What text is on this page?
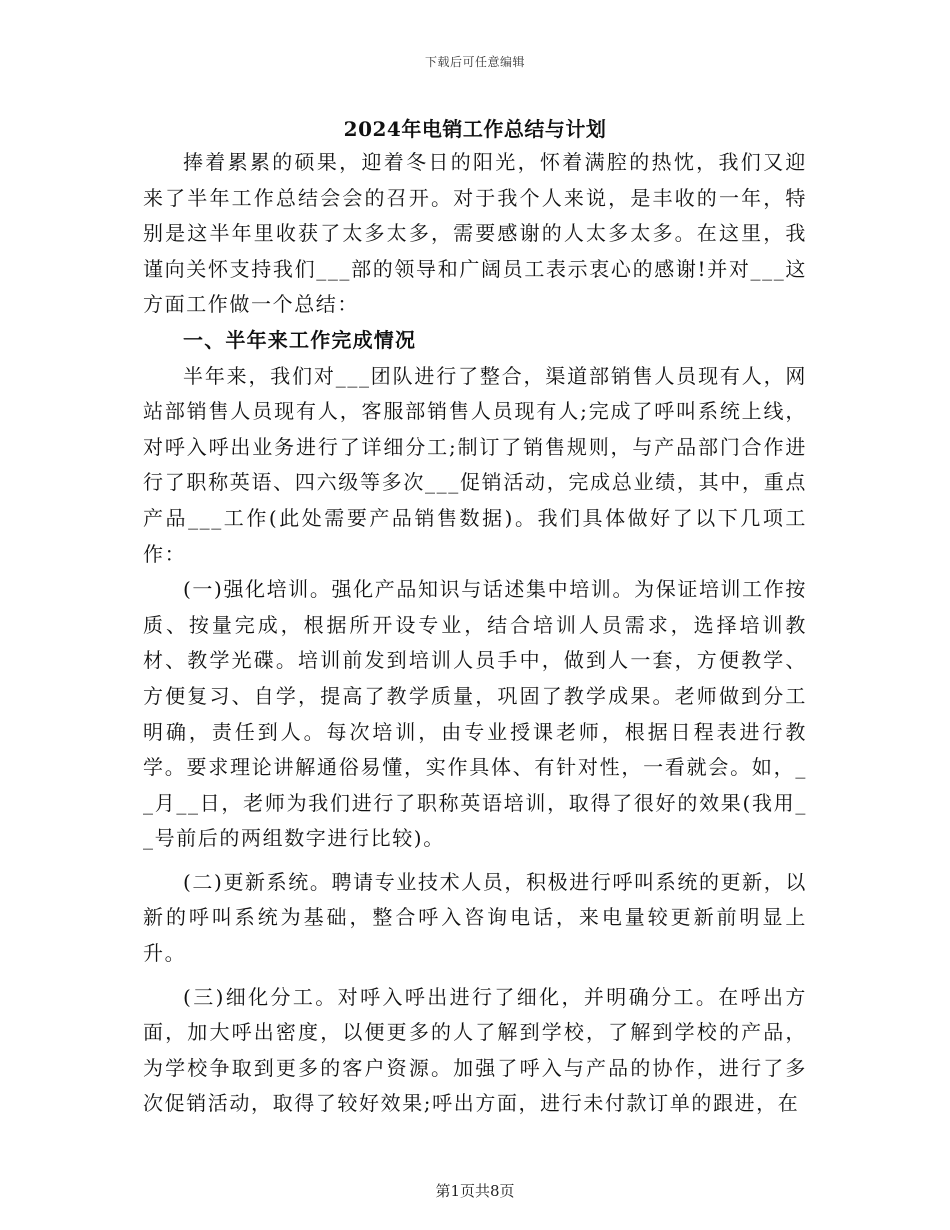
下载后可任意编辑
2024年电销工作总结与计划

捧着累累的硕果，迎着冬日的阳光，怀着满腔的热忱，我们又迎来了半年工作总结会会的召开。对于我个人来说，是丰收的一年，特别是这半年里收获了太多太多，需要感谢的人太多太多。在这里，我谨向关怀支持我们___部的领导和广阔员工表示衷心的感谢!并对___这方面工作做一个总结：

一、半年来工作完成情况

半年来，我们对___团队进行了整合，渠道部销售人员现有人，网站部销售人员现有人，客服部销售人员现有人;完成了呼叫系统上线，对呼入呼出业务进行了详细分工;制订了销售规则，与产品部门合作进行了职称英语、四六级等多次___促销活动，完成总业绩，其中，重点产品___工作(此处需要产品销售数据)。我们具体做好了以下几项工作：

(一)强化培训。强化产品知识与话述集中培训。为保证培训工作按质、按量完成，根据所开设专业，结合培训人员需求，选择培训教材、教学光碟。培训前发到培训人员手中，做到人一套，方便教学、方便复习、自学，提高了教学质量，巩固了教学成果。老师做到分工明确，责任到人。每次培训，由专业授课老师，根据日程表进行教学。要求理论讲解通俗易懂，实作具体、有针对性，一看就会。如，__月__日，老师为我们进行了职称英语培训，取得了很好的效果(我用__号前后的两组数字进行比较)。

(二)更新系统。聘请专业技术人员，积极进行呼叫系统的更新，以新的呼叫系统为基础，整合呼入咨询电话，来电量较更新前明显上升。

(三)细化分工。对呼入呼出进行了细化，并明确分工。在呼出方面，加大呼出密度，以便更多的人了解到学校，了解到学校的产品，为学校争取到更多的客户资源。加强了呼入与产品的协作，进行了多次促销活动，取得了较好效果;呼出方面，进行未付款订单的跟进，在

第1页共8页
